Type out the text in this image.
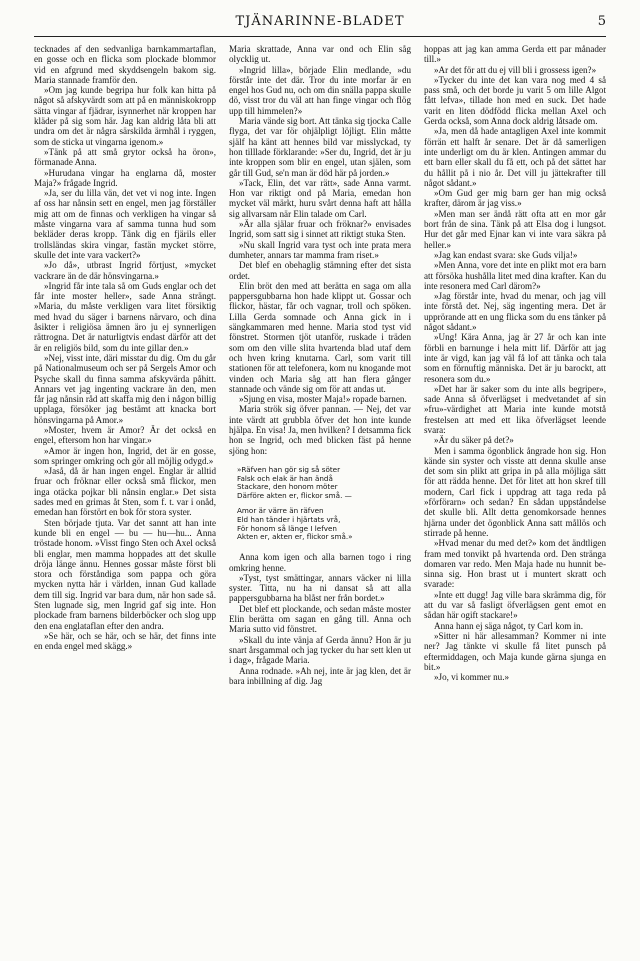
TJÄNARINNE-BLADET	5

tecknades af den sedvanliga barnkammartaflan, en gosse och en flicka som plockade blommor vid en afgrund med skyddsengeln bakom sig. Maria stannade framför den.

»Om jag kunde begripa hur folk kan hitta på något så afskyvärdt som att på en människokropp sätta vingar af fjädrar, isynnerhet när kroppen har kläder på sig som här. Jag kan aldrig låta bli att undra om det är några särskilda ärmhål i ryggen, som de sticka ut vingarna igenom.»

»Tänk på att små grytor också ha öron», förmanade Anna.

»Hurudana vingar ha englarna då, moster Maja?» frågade Ingrid.

»Ja, ser du lilla vän, det vet vi nog inte. Ingen af oss har nånsin sett en engel, men jag förställer mig att om de finnas och verkligen ha vingar så måste vingarna vara af samma tunna hud som bekläder deras kropp. Tänk dig en fjärils eller trollsländas skira vingar, fastän mycket större, skulle det inte vara vackert?»

»Jo då», utbrast Ingrid förtjust, »mycket vackrare än de där hönsvingarna.»

»Ingrid får inte tala så om Guds englar och det får inte moster heller», sade Anna strängt. »Maria, du måste verkligen vara litet försiktig med hvad du säger i barnens närvaro, och dina åsikter i religiösa ämnen äro ju ej synnerligen rättrogna. Det är naturligtvis endast därför att det är en religiös bild, som du inte gillar den.»

»Nej, visst inte, däri misstar du dig. Om du går på Nationalmuseum och ser på Sergels Amor och Psyche skall du finna samma afskyvärda påhitt. Annars vet jag ingenting vackrare än den, men får jag nånsin råd att skaffa mig den i någon billig upplaga, försöker jag bestämt att knacka bort hönsvingarna på Amor.»

»Moster, hvem är Amor? Är det också en engel, eftersom hon har vingar.»

»Amor är ingen hon, Ingrid, det är en gosse, som springer omkring och gör all möjlig odygd.»

»Jaså, då är han ingen engel. Englar är alltid fruar och fröknar eller också små flickor, men inga otäcka pojkar bli nånsin englar.» Det sista sades med en grimas åt Sten, som f. t. var i onåd, emedan han förstört en bok för stora syster.

Sten började tjuta. Var det sannt att han inte kunde bli en engel — bu — hu—hu... Anna tröstade honom. »Visst fingo Sten och Axel också bli englar, men mamma hoppades att det skulle dröja länge ännu. Hennes gossar måste först bli stora och förståndiga som pappa och göra mycken nytta här i världen, innan Gud kallade dem till sig. Ingrid var bara dum, när hon sade så. Sten lugnade sig, men Ingrid gaf sig inte. Hon plockade fram barnens bilderböcker och slog upp den ena englataflan efter den andra.

»Se här, och se här, och se här, det finns inte en enda engel med skägg.»

Maria skrattade, Anna var ond och Elin såg olycklig ut.

»Ingrid lilla», började Elin medlande, »du förstår inte det där. Tror du inte morfar är en engel hos Gud nu, och om din snälla pappa skulle dö, visst tror du väl att han finge vingar och flög upp till himmelen?»

Maria vände sig bort. Att tänka sig tjocka Calle flyga, det var för ohjälpligt löjligt. Elin måtte själf ha känt att hennes bild var misslyckad, ty hon tilllade förklarande: »Ser du, Ingrid, det är ju inte kroppen som blir en engel, utan själen, som går till Gud, se'n man är död här på jorden.»

»Tack, Elin, det var rätt», sade Anna varmt. Hon var riktigt ond på Maria, emedan hon mycket väl märkt, huru svårt denna haft att hålla sig allvarsam när Elin talade om Carl.

»Är alla själar fruar och fröknar?» envisades Ingrid, som satt sig i sinnet att riktigt stuka Sten.

»Nu skall Ingrid vara tyst och inte prata mera dumheter, annars tar mamma fram riset.»

Det blef en obehaglig stämning efter det sista ordet.

Elin bröt den med att berätta en saga om alla pappersgubbarna hon hade klippt ut. Gossar och flickor, hästar, får och vagnar, troll och spöken. Lilla Gerda somnade och Anna gick in i sängkammaren med henne. Maria stod tyst vid fönstret. Stormen tjöt utanför, ruskade i träden som om den ville slita hvartenda blad utaf dem och hven kring knutarna. Carl, som varit till stationen för att telefonera, kom nu knogande mot vinden och Maria såg att han flera gånger stannade och vände sig om för att andas ut.

»Sjung en visa, moster Maja!» ropade barnen.

Maria strök sig öfver pannan. — Nej, det var inte värdt att grubbla öfver det hon inte kunde hjälpa. En visa! Ja, men hvilken? I detsamma fick hon se Ingrid, och med blicken fäst på henne sjöng hon:

»Räfven han gör sig så söter
Falsk och elak är han ändå
Stackare, den honom möter
Därföre akten er, flickor små. —
Amor är värre än räfven
Eld han tänder i hjärtats vrå,
För honom så länge I lefven
Akten er, akten er, flickor små.»

Anna kom igen och alla barnen togo i ring omkring henne.

»Tyst, tyst smättingar, annars väcker ni lilla syster. Titta, nu ha ni dansat så att alla pappersgubbarna ha blåst ner från bordet.»

Det blef ett plockande, och sedan måste moster Elin berätta om sagan en gång till. Anna och Maria sutto vid fönstret.

»Skall du inte vänja af Gerda ännu? Hon är ju snart årsgammal och jag tycker du har sett klen ut i dag», frågade Maria.

Anna rodnade. »Ah nej, inte är jag klen, det är bara inbillning af dig. Jag

hoppas att jag kan amma Gerda ett par månader till.»

»Ar det för att du ej vill bli i grossess igen?»

»Tycker du inte det kan vara nog med 4 så pass små, och det borde ju varit 5 om lille Algot fått lefva», tillade hon med en suck. Det hade varit en liten dödfödd flicka mellan Axel och Gerda också, som Anna dock aldrig låtsade om.

»Ja, men då hade antagligen Axel inte kommit förrän ett halft år senare. Det är då samerligen inte underligt om du är klen. Antingen ammar du ett barn eller skall du få ett, och på det sättet har du hållit på i nio år. Det vill ju jättekrafter till något sådant.»

»Om Gud ger mig barn ger han mig också krafter, därom är jag viss.»

»Men man ser ändå rätt ofta att en mor går bort från de sina. Tänk på att Elsa dog i lungsot. Hur det går med Ejnar kan vi inte vara säkra på heller.»

»Jag kan endast svara: ske Guds vilja!»

»Men Anna, vore det inte en plikt mot era barn att försöka hushålla litet med dina krafter. Kan du inte resonera med Carl därom?»

»Jag förstår inte, hvad du menar, och jag vill inte förstå det. Nej, säg ingenting mera. Det är upprörande att en ung flicka som du ens tänker på något sådant.»

»Ung! Kära Anna, jag är 27 år och kan inte förbli en barnunge i hela mitt lif. Därför att jag inte är vigd, kan jag väl få lof att tänka och tala som en förnuftig människa. Det är ju barockt, att resonera som du.»

»Det har är saker som du inte alls begriper», sade Anna så öfverlägset i medvetandet af sin »fru»-värdighet att Maria inte kunde motstå frestelsen att med ett lika öfverlägset leende svara:

»Är du säker på det?»

Men i samma ögonblick ångrade hon sig. Hon kände sin syster och visste att denna skulle anse det som sin plikt att gripa in på alla möjliga sätt för att rädda henne. Det för litet att hon skref till modern, Carl fick i uppdrag att taga reda på »förförarn» och sedan? En sådan uppståndelse det skulle bli. Allt detta genomkorsade hennes hjärna under det ögonblick Anna satt mållös och stirrade på henne.

»Hvad menar du med det?» kom det ändtligen fram med tonvikt på hvartenda ord. Den stränga domaren var redo. Men Maja hade nu hunnit besinna sig. Hon brast ut i muntert skratt och svarade:

»Inte ett dugg! Jag ville bara skrämma dig, för att du var så fasligt öfverlägsen gent emot en sådan här ogift stackare!»

Anna hann ej säga något, ty Carl kom in.

»Sitter ni här allesamman? Kommer ni inte ner? Jag tänkte vi skulle få litet punsch på eftermiddagen, och Maja kunde gärna sjunga en bit.»

»Jo, vi kommer nu.»
